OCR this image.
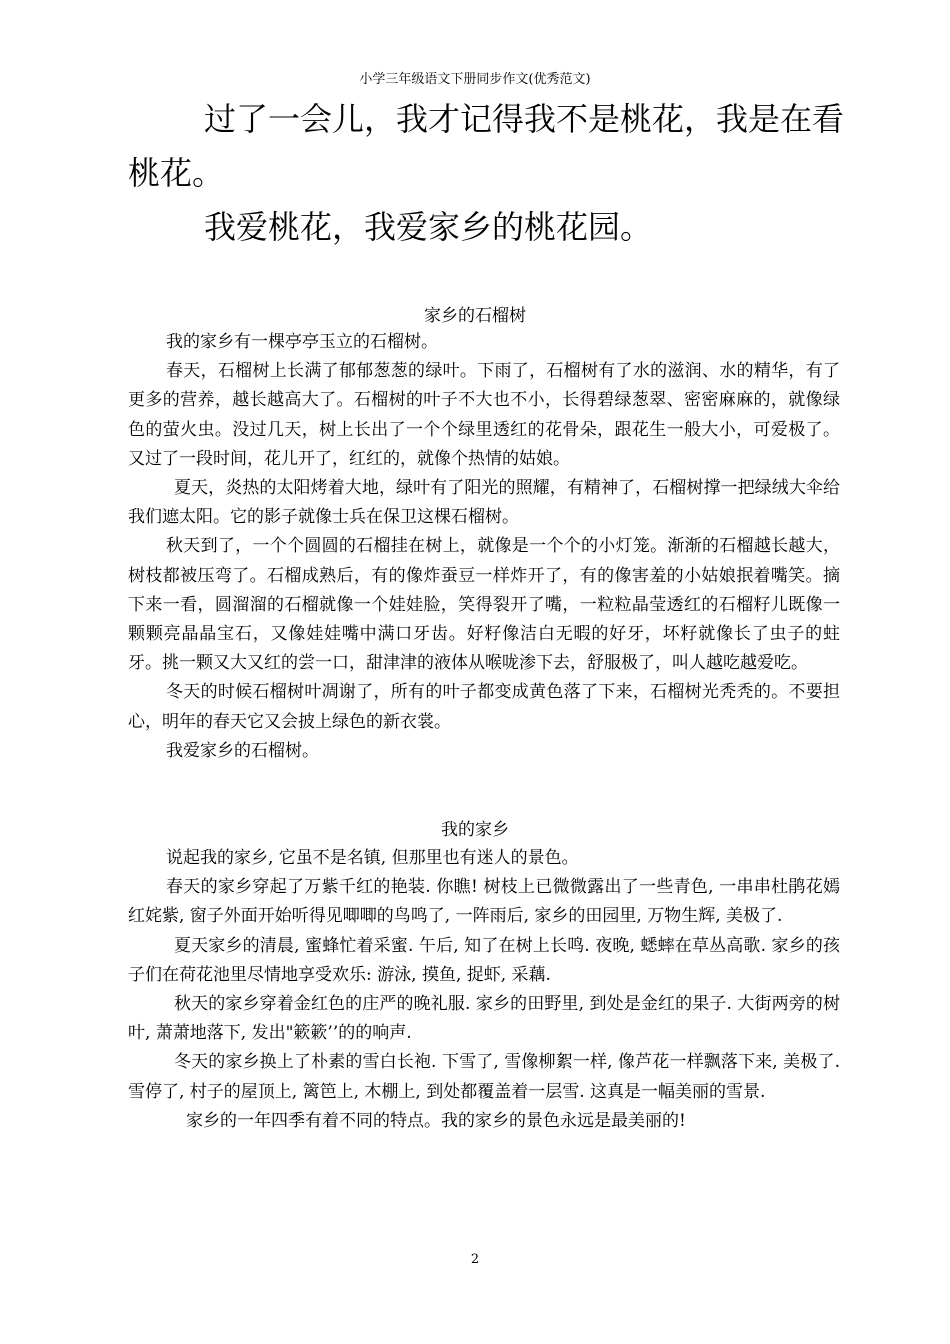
小学三年级语文下册同步作文(优秀范文)

过了一会儿，我才记得我不是桃花，我是在看桃花。

我爱桃花，我爱家乡的桃花园。

家乡的石榴树

我的家乡有一棵亭亭玉立的石榴树。

春天，石榴树上长满了郁郁葱葱的绿叶。下雨了，石榴树有了水的滋润、水的精华，有了更多的营养，越长越高大了。石榴树的叶子不大也不小，长得碧绿葱翠、密密麻麻的，就像绿色的萤火虫。没过几天，树上长出了一个个绿里透红的花骨朵，跟花生一般大小，可爱极了。又过了一段时间，花儿开了，红红的，就像个热情的姑娘。

夏天，炎热的太阳烤着大地，绿叶有了阳光的照耀，有精神了，石榴树撑一把绿绒大伞给我们遮太阳。它的影子就像士兵在保卫这棵石榴树。

秋天到了，一个个圆圆的石榴挂在树上，就像是一个个的小灯笼。渐渐的石榴越长越大，树枝都被压弯了。石榴成熟后，有的像炸蚕豆一样炸开了，有的像害羞的小姑娘抿着嘴笑。摘下来一看，圆溜溜的石榴就像一个娃娃脸，笑得裂开了嘴，一粒粒晶莹透红的石榴籽儿既像一颗颗亮晶晶宝石，又像娃娃嘴中满口牙齿。好籽像洁白无暇的好牙，坏籽就像长了虫子的蛀牙。挑一颗又大又红的尝一口，甜津津的液体从喉咙渗下去，舒服极了，叫人越吃越爱吃。

冬天的时候石榴树叶凋谢了，所有的叶子都变成黄色落了下来，石榴树光秃秃的。不要担心，明年的春天它又会披上绿色的新衣裳。

我爱家乡的石榴树。

我的家乡

说起我的家乡, 它虽不是名镇, 但那里也有迷人的景色。

春天的家乡穿起了万紫千红的艳装. 你瞧! 树枝上已微微露出了一些青色, 一串串杜鹃花嫣红姹紫, 窗子外面开始听得见唧唧的鸟鸣了, 一阵雨后, 家乡的田园里, 万物生辉, 美极了.

夏天家乡的清晨, 蜜蜂忙着采蜜. 午后, 知了在树上长鸣. 夜晚, 蟋蟀在草丛高歌. 家乡的孩子们在荷花池里尽情地享受欢乐: 游泳, 摸鱼, 捉虾, 采藕.

秋天的家乡穿着金红色的庄严的晚礼服. 家乡的田野里, 到处是金红的果子. 大街两旁的树叶, 萧萧地落下, 发出"簌簌’’的的响声.

冬天的家乡换上了朴素的雪白长袍. 下雪了, 雪像柳絮一样, 像芦花一样飘落下来, 美极了. 雪停了, 村子的屋顶上, 篱笆上, 木棚上, 到处都覆盖着一层雪. 这真是一幅美丽的雪景.

家乡的一年四季有着不同的特点。我的家乡的景色永远是最美丽的!

2
